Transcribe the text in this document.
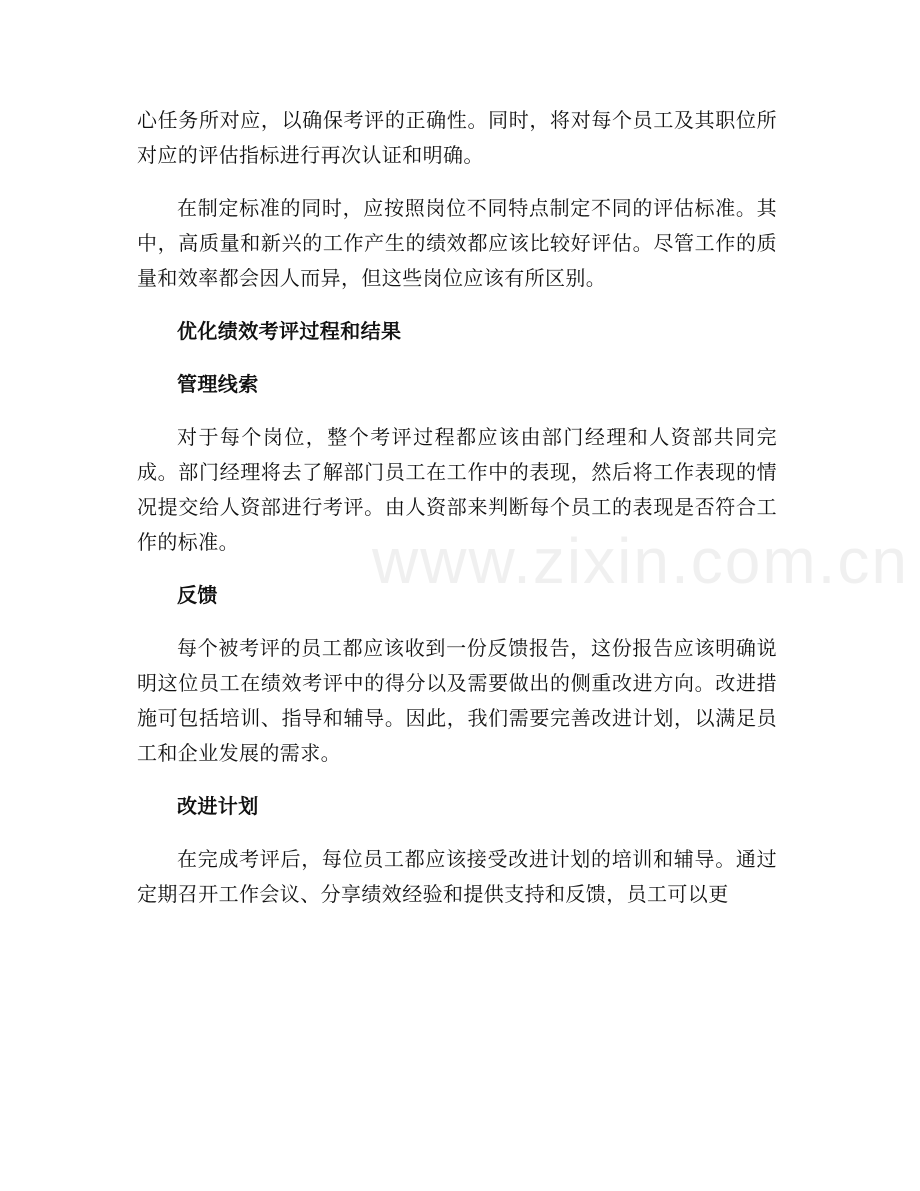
心任务所对应，以确保考评的正确性。同时，将对每个员工及其职位所对应的评估指标进行再次认证和明确。

在制定标准的同时，应按照岗位不同特点制定不同的评估标准。其中，高质量和新兴的工作产生的绩效都应该比较好评估。尽管工作的质量和效率都会因人而异，但这些岗位应该有所区别。

优化绩效考评过程和结果
管理线索

对于每个岗位，整个考评过程都应该由部门经理和人资部共同完成。部门经理将去了解部门员工在工作中的表现，然后将工作表现的情况提交给人资部进行考评。由人资部来判断每个员工的表现是否符合工作的标准。

反馈

每个被考评的员工都应该收到一份反馈报告，这份报告应该明确说明这位员工在绩效考评中的得分以及需要做出的侧重改进方向。改进措施可包括培训、指导和辅导。因此，我们需要完善改进计划，以满足员工和企业发展的需求。

改进计划

在完成考评后，每位员工都应该接受改进计划的培训和辅导。通过定期召开工作会议、分享绩效经验和提供支持和反馈，员工可以更

www.zixin.com.cn
